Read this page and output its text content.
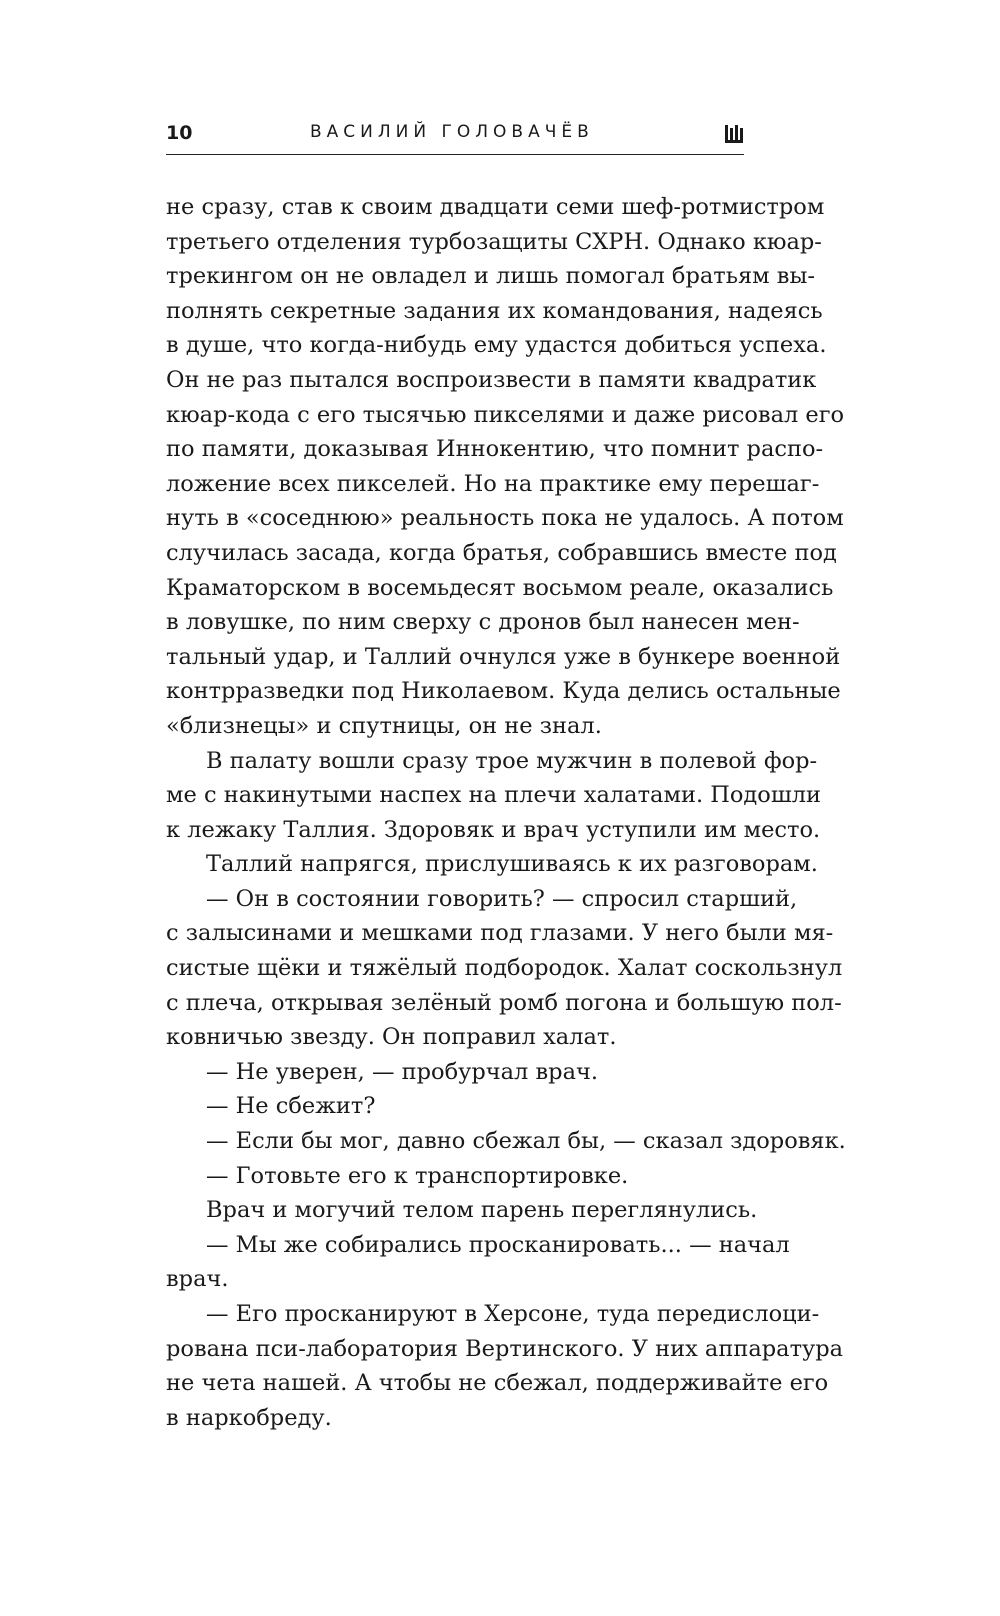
10	ВАСИЛИЙ ГОЛОВАЧЁВ
не сразу, став к своим двадцати семи шеф-ротмистром
третьего отделения турбозащиты СХРН. Однако кюар-
трекингом он не овладел и лишь помогал братьям вы-
полнять секретные задания их командования, надеясь
в душе, что когда-нибудь ему удастся добиться успеха.
Он не раз пытался воспроизвести в памяти квадратик
кюар-кода с его тысячью пикселями и даже рисовал его
по памяти, доказывая Иннокентию, что помнит распо-
ложение всех пикселей. Но на практике ему перешаг-
нуть в «соседнюю» реальность пока не удалось. А потом
случилась засада, когда братья, собравшись вместе под
Краматорском в восемьдесят восьмом реале, оказались
в ловушке, по ним сверху с дронов был нанесен мен-
тальный удар, и Таллий очнулся уже в бункере военной
контрразведки под Николаевом. Куда делись остальные
«близнецы» и спутницы, он не знал.
В палату вошли сразу трое мужчин в полевой фор-
ме с накинутыми наспех на плечи халатами. Подошли
к лежаку Таллия. Здоровяк и врач уступили им место.
Таллий напрягся, прислушиваясь к их разговорам.
— Он в состоянии говорить? — спросил старший,
с залысинами и мешками под глазами. У него были мя-
систые щёки и тяжёлый подбородок. Халат соскользнул
с плеча, открывая зелёный ромб погона и большую пол-
ковничью звезду. Он поправил халат.
— Не уверен, — пробурчал врач.
— Не сбежит?
— Если бы мог, давно сбежал бы, — сказал здоровяк.
— Готовьте его к транспортировке.
Врач и могучий телом парень переглянулись.
— Мы же собирались просканировать... — начал
врач.
— Его просканируют в Херсоне, туда передислоци-
рована пси-лаборатория Вертинского. У них аппаратура
не чета нашей. А чтобы не сбежал, поддерживайте его
в наркобреду.
